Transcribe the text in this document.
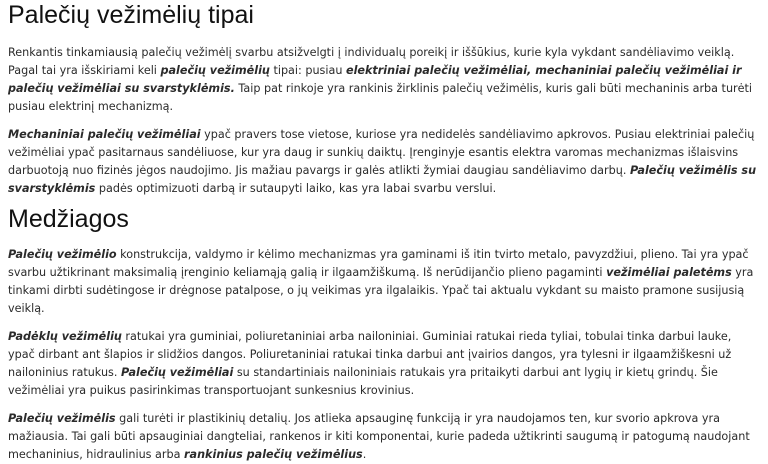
Palečių vežimėlių tipai

Renkantis tinkamiausią palečių vežimėlį svarbu atsižvelgti į individualų poreikį ir iššūkius, kurie kyla vykdant sandėliavimo veiklą. Pagal tai yra išskiriami keli palečių vežimėlių tipai: pusiau elektriniai palečių vežimėliai, mechaniniai palečių vežimėliai ir palečių vežimėliai su svarstyklėmis. Taip pat rinkoje yra rankinis žirklinis palečių vežimėlis, kuris gali būti mechaninis arba turėti pusiau elektrinį mechanizmą.

Mechaniniai palečių vežimėliai ypač pravers tose vietose, kuriose yra nedidelės sandėliavimo apkrovos. Pusiau elektriniai palečių vežimėliai ypač pasitarnaus sandėliuose, kur yra daug ir sunkių daiktų. Įrenginyje esantis elektra varomas mechanizmas išlaisvins darbuotoją nuo fizinės jėgos naudojimo. Jis mažiau pavargs ir galės atlikti žymiai daugiau sandėliavimo darbų. Palečių vežimėlis su svarstyklėmis padės optimizuoti darbą ir sutaupyti laiko, kas yra labai svarbu verslui.

Medžiagos

Palečių vežimėlio konstrukcija, valdymo ir kėlimo mechanizmas yra gaminami iš itin tvirto metalo, pavyzdžiui, plieno. Tai yra ypač svarbu užtikrinant maksimalią įrenginio keliamąją galią ir ilgaamžiškumą. Iš nerūdijančio plieno pagaminti vežimėliai paletėms yra tinkami dirbti sudėtingose ir drėgnose patalpose, o jų veikimas yra ilgalaikis. Ypač tai aktualu vykdant su maisto pramone susijusią veiklą.

Padėklų vežimėlių ratukai yra guminiai, poliuretaniniai arba nailoniniai. Guminiai ratukai rieda tyliai, tobulai tinka darbui lauke, ypač dirbant ant šlapios ir slidžios dangos. Poliuretaniniai ratukai tinka darbui ant įvairios dangos, yra tylesni ir ilgaamžiškesni už nailoninius ratukus. Palečių vežimėliai su standartiniais nailoniniais ratukais yra pritaikyti darbui ant lygių ir kietų grindų. Šie vežimėliai yra puikus pasirinkimas transportuojant sunkesnius krovinius.

Palečių vežimėlis gali turėti ir plastikinių detalių. Jos atlieka apsauginę funkciją ir yra naudojamos ten, kur svorio apkrova yra mažiausia. Tai gali būti apsauginiai dangteliai, rankenos ir kiti komponentai, kurie padeda užtikrinti saugumą ir patogumą naudojant mechaninius, hidraulinius arba rankinius palečių vežimėlius.
